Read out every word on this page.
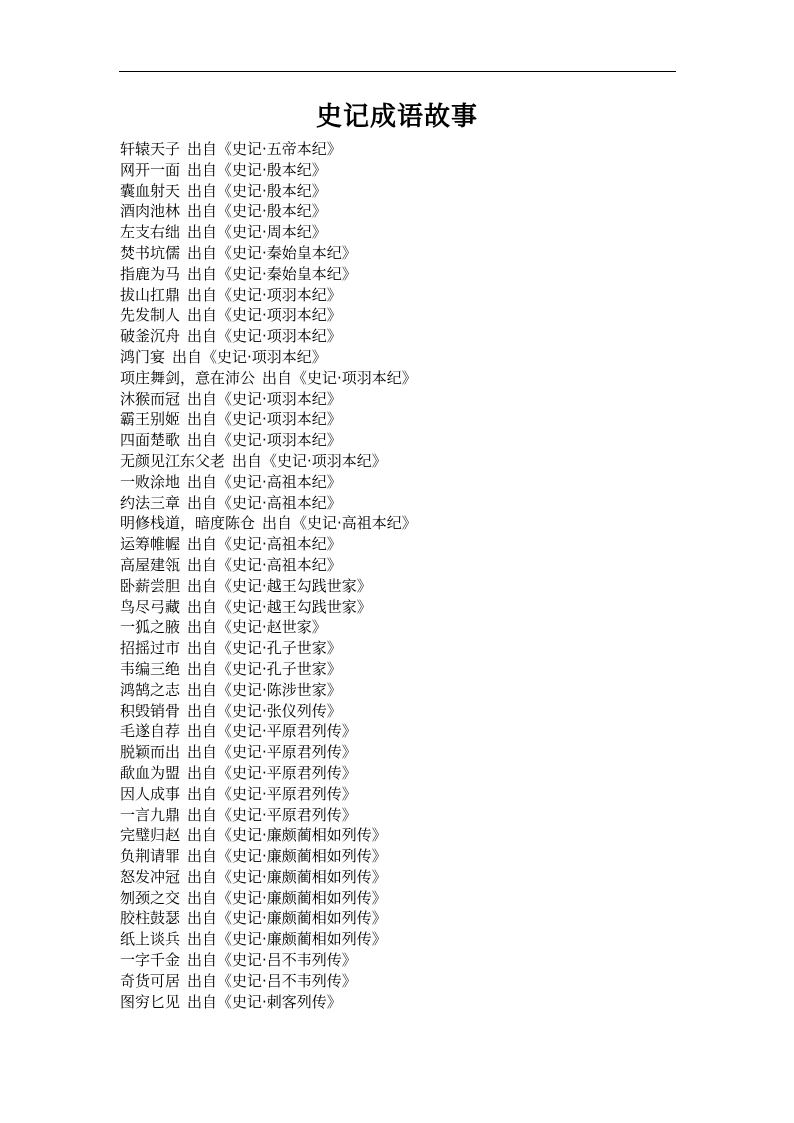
史记成语故事
轩辕天子 出自《史记·五帝本纪》
网开一面 出自《史记·殷本纪》
囊血射天 出自《史记·殷本纪》
酒肉池林 出自《史记·殷本纪》
左支右绌 出自《史记·周本纪》
焚书坑儒 出自《史记·秦始皇本纪》
指鹿为马 出自《史记·秦始皇本纪》
拔山扛鼎 出自《史记·项羽本纪》
先发制人 出自《史记·项羽本纪》
破釜沉舟 出自《史记·项羽本纪》
鸿门宴 出自《史记·项羽本纪》
项庄舞剑，意在沛公 出自《史记·项羽本纪》
沐猴而冠 出自《史记·项羽本纪》
霸王别姬 出自《史记·项羽本纪》
四面楚歌 出自《史记·项羽本纪》
无颜见江东父老 出自《史记·项羽本纪》
一败涂地 出自《史记·高祖本纪》
约法三章 出自《史记·高祖本纪》
明修栈道，暗度陈仓 出自《史记·高祖本纪》
运筹帷幄 出自《史记·高祖本纪》
高屋建瓴 出自《史记·高祖本纪》
卧薪尝胆 出自《史记·越王勾践世家》
鸟尽弓藏 出自《史记·越王勾践世家》
一狐之腋 出自《史记·赵世家》
招摇过市 出自《史记·孔子世家》
韦编三绝 出自《史记·孔子世家》
鸿鹄之志 出自《史记·陈涉世家》
积毁销骨 出自《史记·张仪列传》
毛遂自荐 出自《史记·平原君列传》
脱颖而出 出自《史记·平原君列传》
歃血为盟 出自《史记·平原君列传》
因人成事 出自《史记·平原君列传》
一言九鼎 出自《史记·平原君列传》
完璧归赵 出自《史记·廉颇蔺相如列传》
负荆请罪 出自《史记·廉颇蔺相如列传》
怒发冲冠 出自《史记·廉颇蔺相如列传》
刎颈之交 出自《史记·廉颇蔺相如列传》
胶柱鼓瑟 出自《史记·廉颇蔺相如列传》
纸上谈兵 出自《史记·廉颇蔺相如列传》
一字千金 出自《史记·吕不韦列传》
奇货可居 出自《史记·吕不韦列传》
图穷匕见 出自《史记·刺客列传》
